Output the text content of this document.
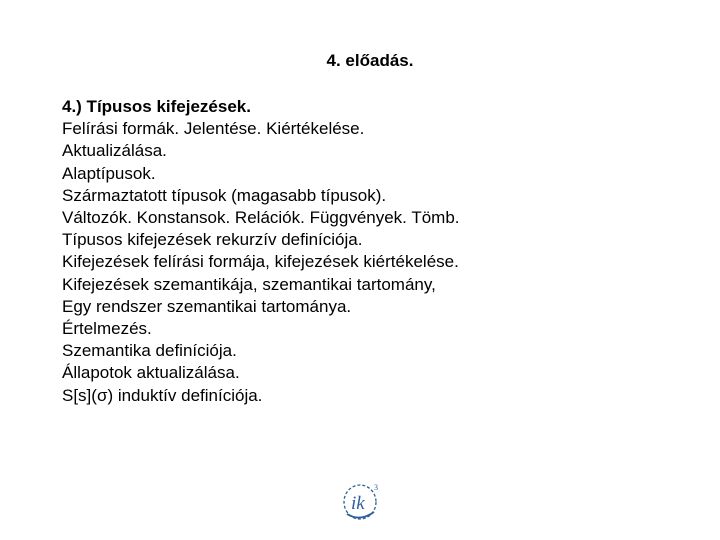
4. előadás.

4.) Típusos kifejezések.

Felírási formák. Jelentése. Kiértékelése.

Aktualizálása.

Alaptípusok.

Származtatott típusok (magasabb típusok).

Változók. Konstansok. Relációk. Függvények. Tömb.

Típusos kifejezések rekurzív definíciója.

Kifejezések felírási formája, kifejezések kiértékelése.

Kifejezések szemantikája, szemantikai tartomány,

Egy rendszer szemantikai tartománya.

Értelmezés.

Szemantika definíciója.

Állapotok aktualizálása.

S[s](σ) induktív definíciója.

ik
3
